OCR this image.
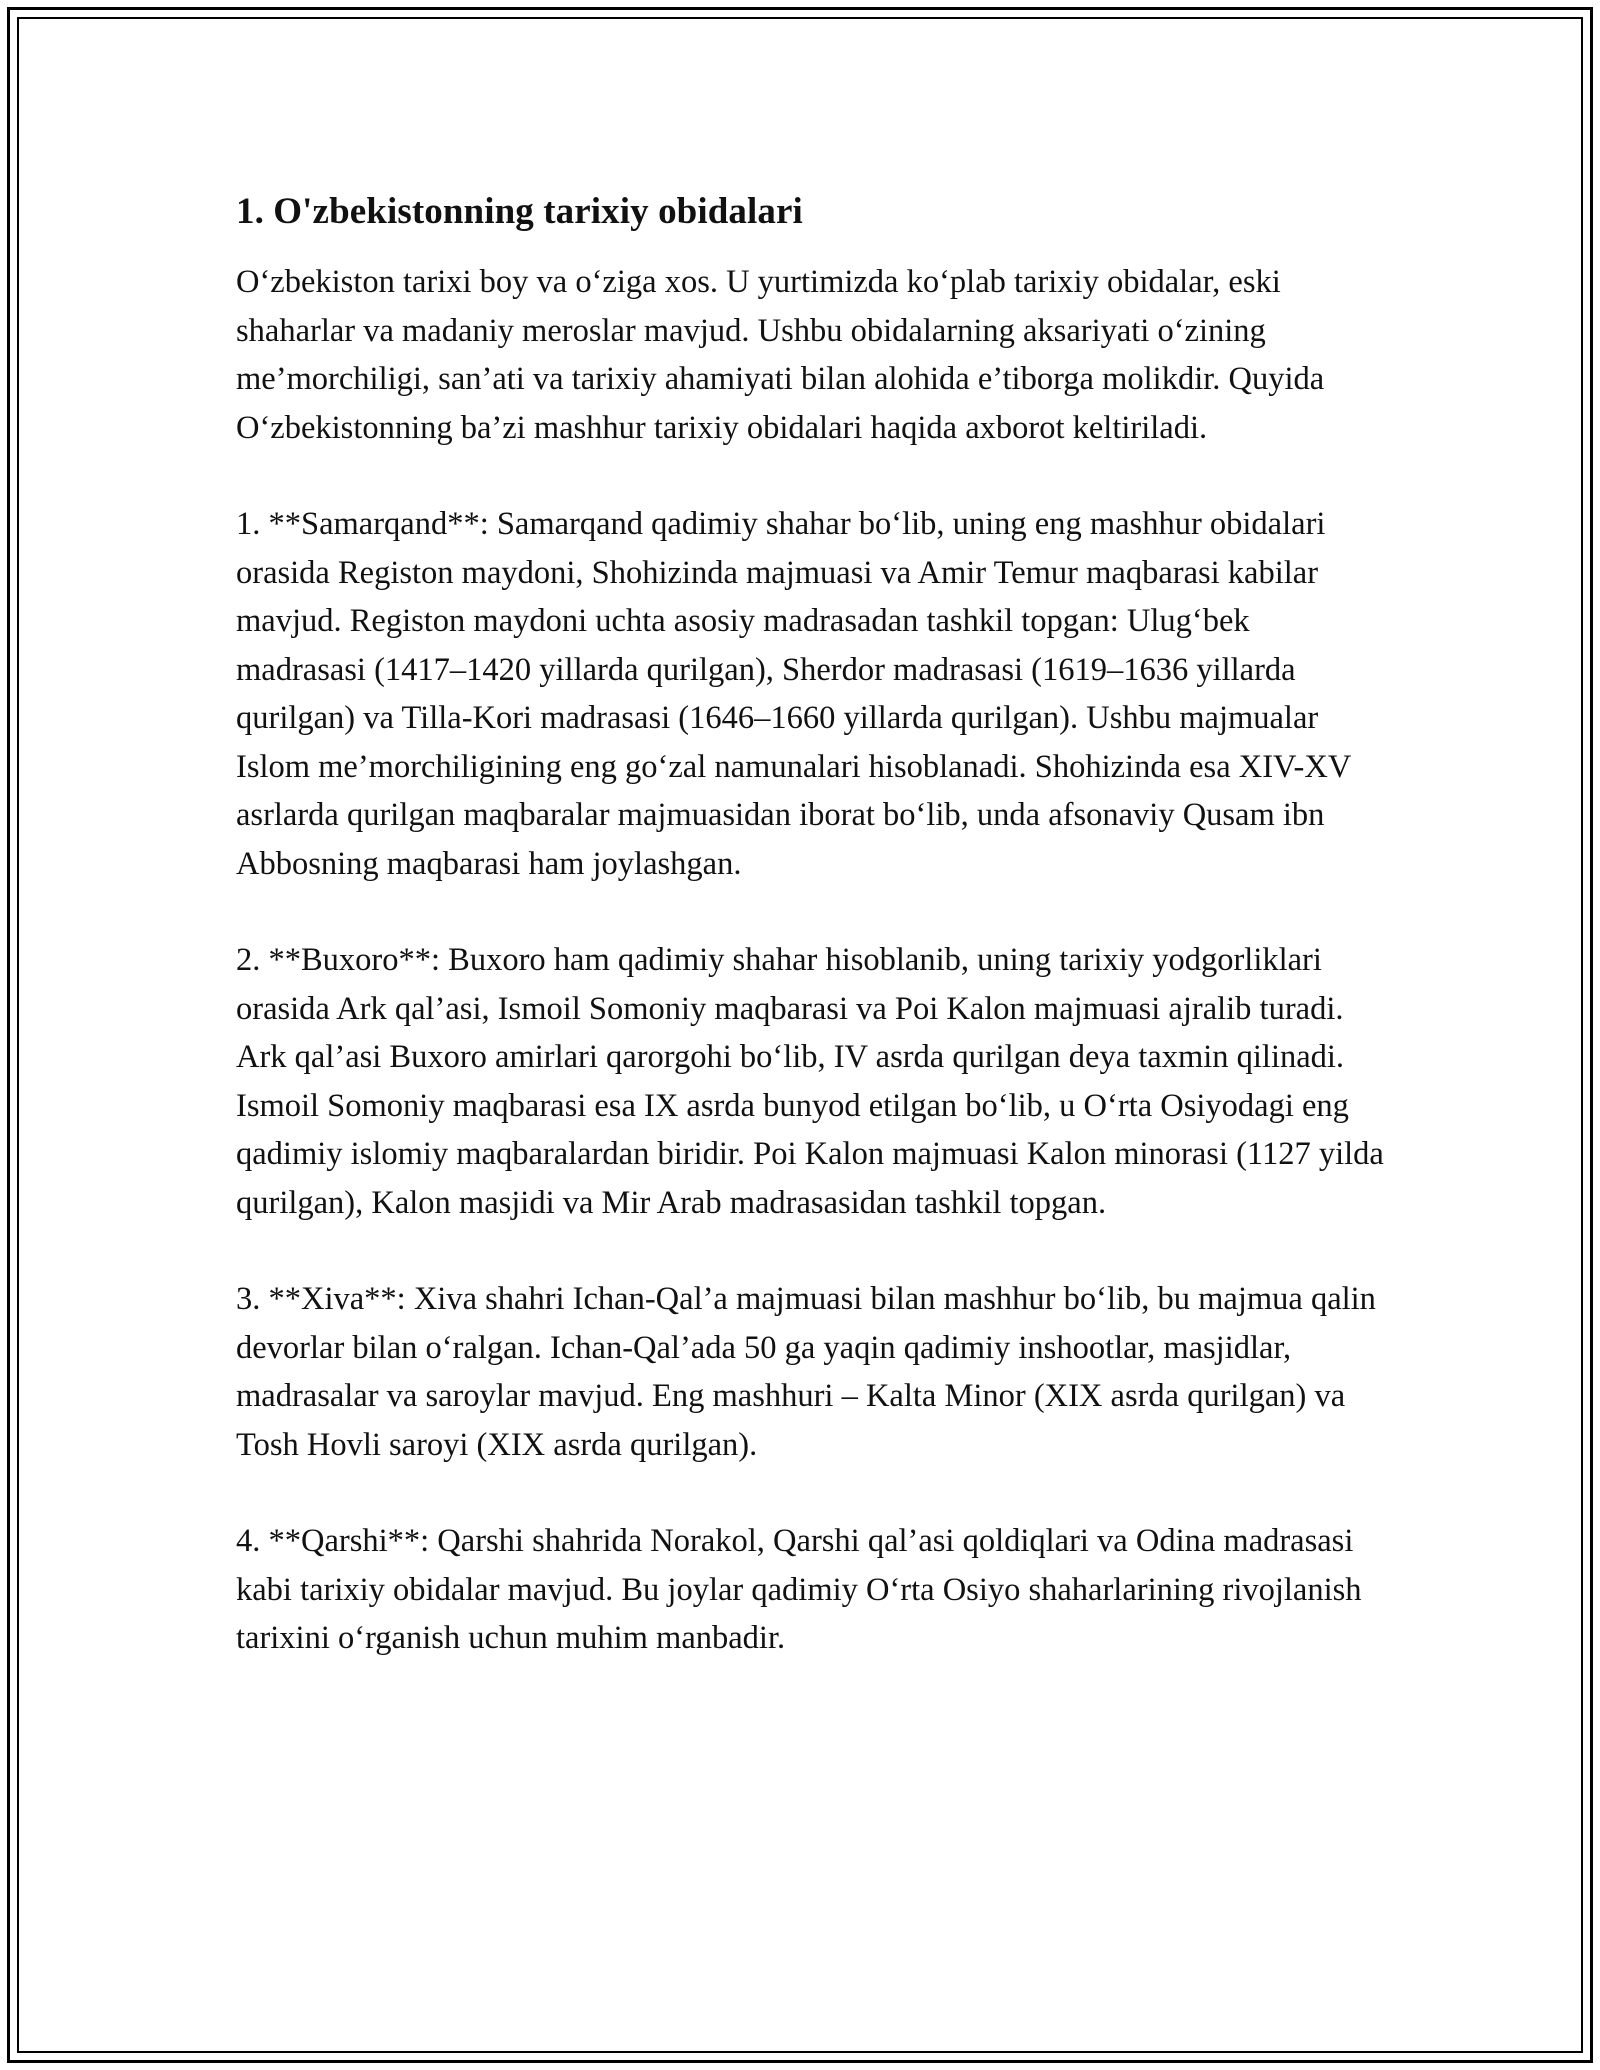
1. O'zbekistonning tarixiy obidalari

O‘zbekiston tarixi boy va o‘ziga xos. U yurtimizda ko‘plab tarixiy obidalar, eski shaharlar va madaniy meroslar mavjud. Ushbu obidalarning aksariyati o‘zining me’morchiligi, san’ati va tarixiy ahamiyati bilan alohida e’tiborga molikdir. Quyida O‘zbekistonning ba’zi mashhur tarixiy obidalari haqida axborot keltiriladi.

1. **Samarqand**: Samarqand qadimiy shahar bo‘lib, uning eng mashhur obidalari orasida Registon maydoni, Shohizinda majmuasi va Amir Temur maqbarasi kabilar mavjud. Registon maydoni uchta asosiy madrasadan tashkil topgan: Ulug‘bek madrasasi (1417–1420 yillarda qurilgan), Sherdor madrasasi (1619–1636 yillarda qurilgan) va Tilla-Kori madrasasi (1646–1660 yillarda qurilgan). Ushbu majmualar Islom me’morchiligining eng go‘zal namunalari hisoblanadi. Shohizinda esa XIV-XV asrlarda qurilgan maqbaralar majmuasidan iborat bo‘lib, unda afsonaviy Qusam ibn Abbosning maqbarasi ham joylashgan.

2. **Buxoro**: Buxoro ham qadimiy shahar hisoblanib, uning tarixiy yodgorliklari orasida Ark qal’asi, Ismoil Somoniy maqbarasi va Poi Kalon majmuasi ajralib turadi. Ark qal’asi Buxoro amirlari qarorgohi bo‘lib, IV asrda qurilgan deya taxmin qilinadi. Ismoil Somoniy maqbarasi esa IX asrda bunyod etilgan bo‘lib, u O‘rta Osiyodagi eng qadimiy islomiy maqbaralardan biridir. Poi Kalon majmuasi Kalon minorasi (1127 yilda qurilgan), Kalon masjidi va Mir Arab madrasasidan tashkil topgan.

3. **Xiva**: Xiva shahri Ichan-Qal’a majmuasi bilan mashhur bo‘lib, bu majmua qalin devorlar bilan o‘ralgan. Ichan-Qal’ada 50 ga yaqin qadimiy inshootlar, masjidlar, madrasalar va saroylar mavjud. Eng mashhuri – Kalta Minor (XIX asrda qurilgan) va Tosh Hovli saroyi (XIX asrda qurilgan).

4. **Qarshi**: Qarshi shahrida Norakol, Qarshi qal’asi qoldiqlari va Odina madrasasi kabi tarixiy obidalar mavjud. Bu joylar qadimiy O‘rta Osiyo shaharlarining rivojlanish tarixini o‘rganish uchun muhim manbadir.
